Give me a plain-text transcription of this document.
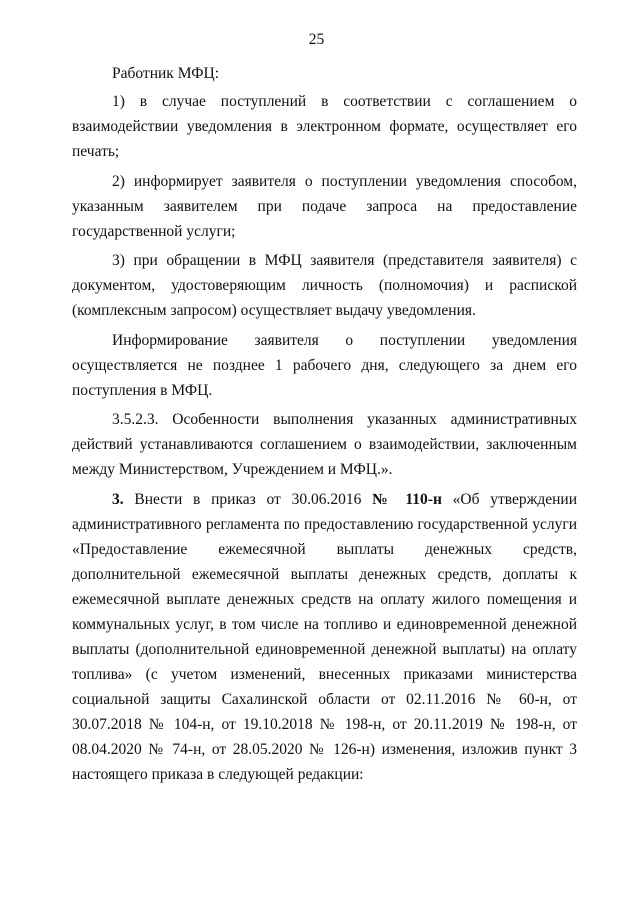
25

Работник МФЦ:

1) в случае поступлений в соответствии с соглашением о взаимодействии уведомления в электронном формате, осуществляет его печать;

2) информирует заявителя о поступлении уведомления способом, указанным заявителем при подаче запроса на предоставление государственной услуги;

3) при обращении в МФЦ заявителя (представителя заявителя) с документом, удостоверяющим личность (полномочия) и распиской (комплексным запросом) осуществляет выдачу уведомления.

Информирование заявителя о поступлении уведомления осуществляется не позднее 1 рабочего дня, следующего за днем его поступления в МФЦ.

3.5.2.3. Особенности выполнения указанных административных действий устанавливаются соглашением о взаимодействии, заключенным между Министерством, Учреждением и МФЦ.».

3. Внести в приказ от 30.06.2016 № 110-н «Об утверждении административного регламента по предоставлению государственной услуги «Предоставление ежемесячной выплаты денежных средств, дополнительной ежемесячной выплаты денежных средств, доплаты к ежемесячной выплате денежных средств на оплату жилого помещения и коммунальных услуг, в том числе на топливо и единовременной денежной выплаты (дополнительной единовременной денежной выплаты) на оплату топлива» (с учетом изменений, внесенных приказами министерства социальной защиты Сахалинской области от 02.11.2016 № 60-н, от 30.07.2018 № 104-н, от 19.10.2018 № 198-н, от 20.11.2019 № 198-н, от 08.04.2020 № 74-н, от 28.05.2020 № 126-н) изменения, изложив пункт 3 настоящего приказа в следующей редакции:
